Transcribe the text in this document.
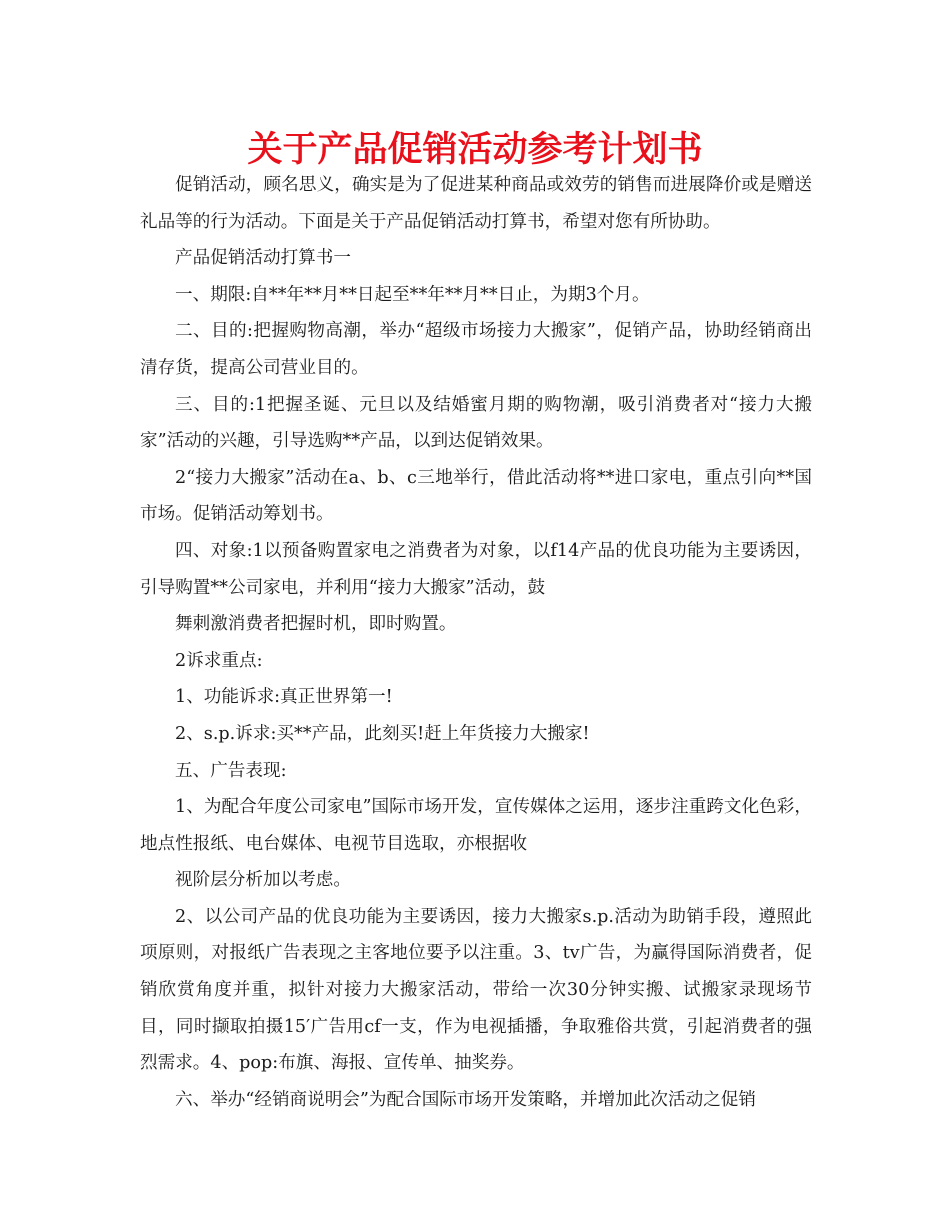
关于产品促销活动参考计划书

促销活动，顾名思义，确实是为了促进某种商品或效劳的销售而进展降价或是赠送礼品等的行为活动。下面是关于产品促销活动打算书，希望对您有所协助。

产品促销活动打算书一

一、期限:自**年**月**日起至**年**月**日止，为期3个月。

二、目的:把握购物高潮，举办“超级市场接力大搬家”，促销产品，协助经销商出清存货，提高公司营业目的。

三、目的:1把握圣诞、元旦以及结婚蜜月期的购物潮，吸引消费者对“接力大搬家”活动的兴趣，引导选购**产品，以到达促销效果。

2“接力大搬家”活动在a、b、c三地举行，借此活动将**进口家电，重点引向**国市场。促销活动筹划书。

四、对象:1以预备购置家电之消费者为对象，以f14产品的优良功能为主要诱因，引导购置**公司家电，并利用“接力大搬家”活动，鼓

舞刺激消费者把握时机，即时购置。

2诉求重点:

1、功能诉求:真正世界第一!

2、s.p.诉求:买**产品，此刻买!赶上年货接力大搬家!

五、广告表现:

1、为配合年度公司家电”国际市场开发，宣传媒体之运用，逐步注重跨文化色彩，地点性报纸、电台媒体、电视节目选取，亦根据收

视阶层分析加以考虑。

2、以公司产品的优良功能为主要诱因，接力大搬家s.p.活动为助销手段，遵照此项原则，对报纸广告表现之主客地位要予以注重。3、tv广告，为赢得国际消费者，促销欣赏角度并重，拟针对接力大搬家活动，带给一次30分钟实搬、试搬家录现场节目，同时撷取拍摄15′广告用cf一支，作为电视插播，争取雅俗共赏，引起消费者的强烈需求。4、pop:布旗、海报、宣传单、抽奖券。

六、举办“经销商说明会”为配合国际市场开发策略，并增加此次活动之促销
